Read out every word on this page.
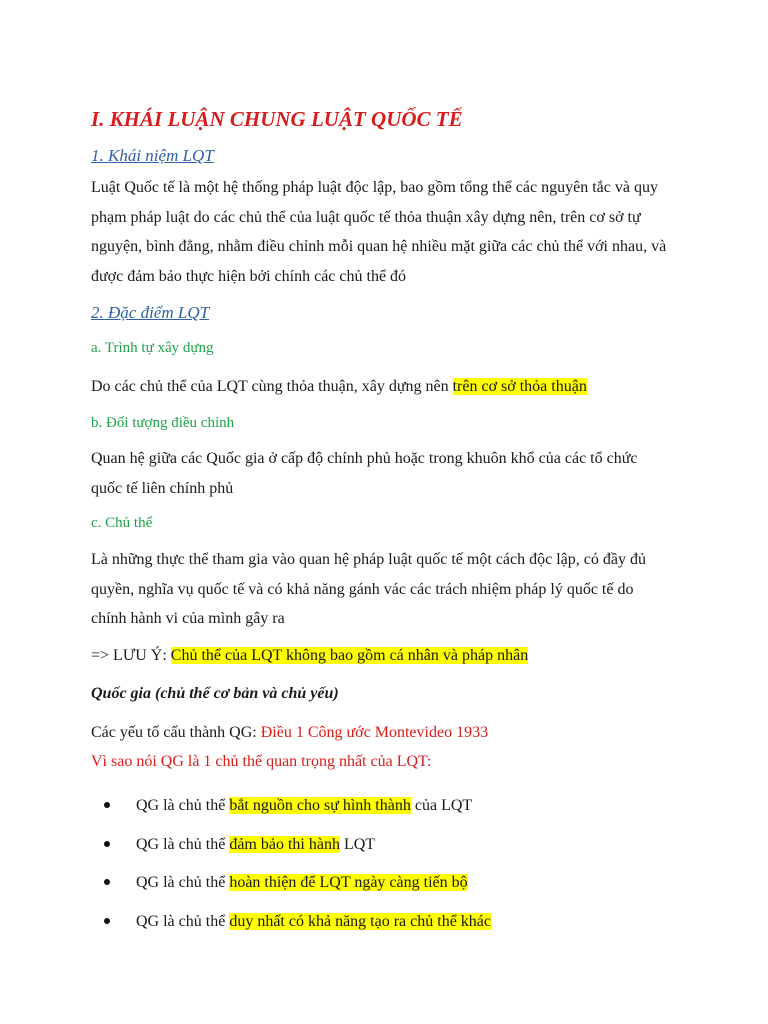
I. KHÁI LUẬN CHUNG LUẬT QUỐC TẾ
1. Khái niệm LQT
Luật Quốc tế là một hệ thống pháp luật độc lập, bao gồm tổng thể các nguyên tắc và quy
phạm pháp luật do các chủ thể của luật quốc tế thỏa thuận xây dựng nên, trên cơ sở tự
nguyện, bình đẳng, nhằm điều chỉnh mỗi quan hệ nhiều mặt giữa các chủ thể với nhau, và
được đảm bảo thực hiện bởi chính các chủ thể đó
2. Đặc điểm LQT
a. Trình tự xây dựng
Do các chủ thể của LQT cùng thỏa thuận, xây dựng nên trên cơ sở thỏa thuận
b. Đối tượng điều chỉnh
Quan hệ giữa các Quốc gia ở cấp độ chính phủ hoặc trong khuôn khổ của các tổ chức
quốc tế liên chính phủ
c. Chủ thể
Là những thực thể tham gia vào quan hệ pháp luật quốc tế một cách độc lập, có đầy đủ
quyền, nghĩa vụ quốc tế và có khả năng gánh vác các trách nhiệm pháp lý quốc tế do
chính hành vi của mình gây ra
=> LƯU Ý: Chủ thể của LQT không bao gồm cá nhân và pháp nhân
Quốc gia (chủ thể cơ bản và chủ yếu)
Các yếu tố cấu thành QG: Điều 1 Công ước Montevideo 1933
Vì sao nói QG là 1 chủ thể quan trọng nhất của LQT:
QG là chủ thể bắt nguồn cho sự hình thành của LQT
QG là chủ thể đảm bảo thi hành LQT
QG là chủ thể hoàn thiện để LQT ngày càng tiến bộ
QG là chủ thể duy nhất có khả năng tạo ra chủ thể khác
